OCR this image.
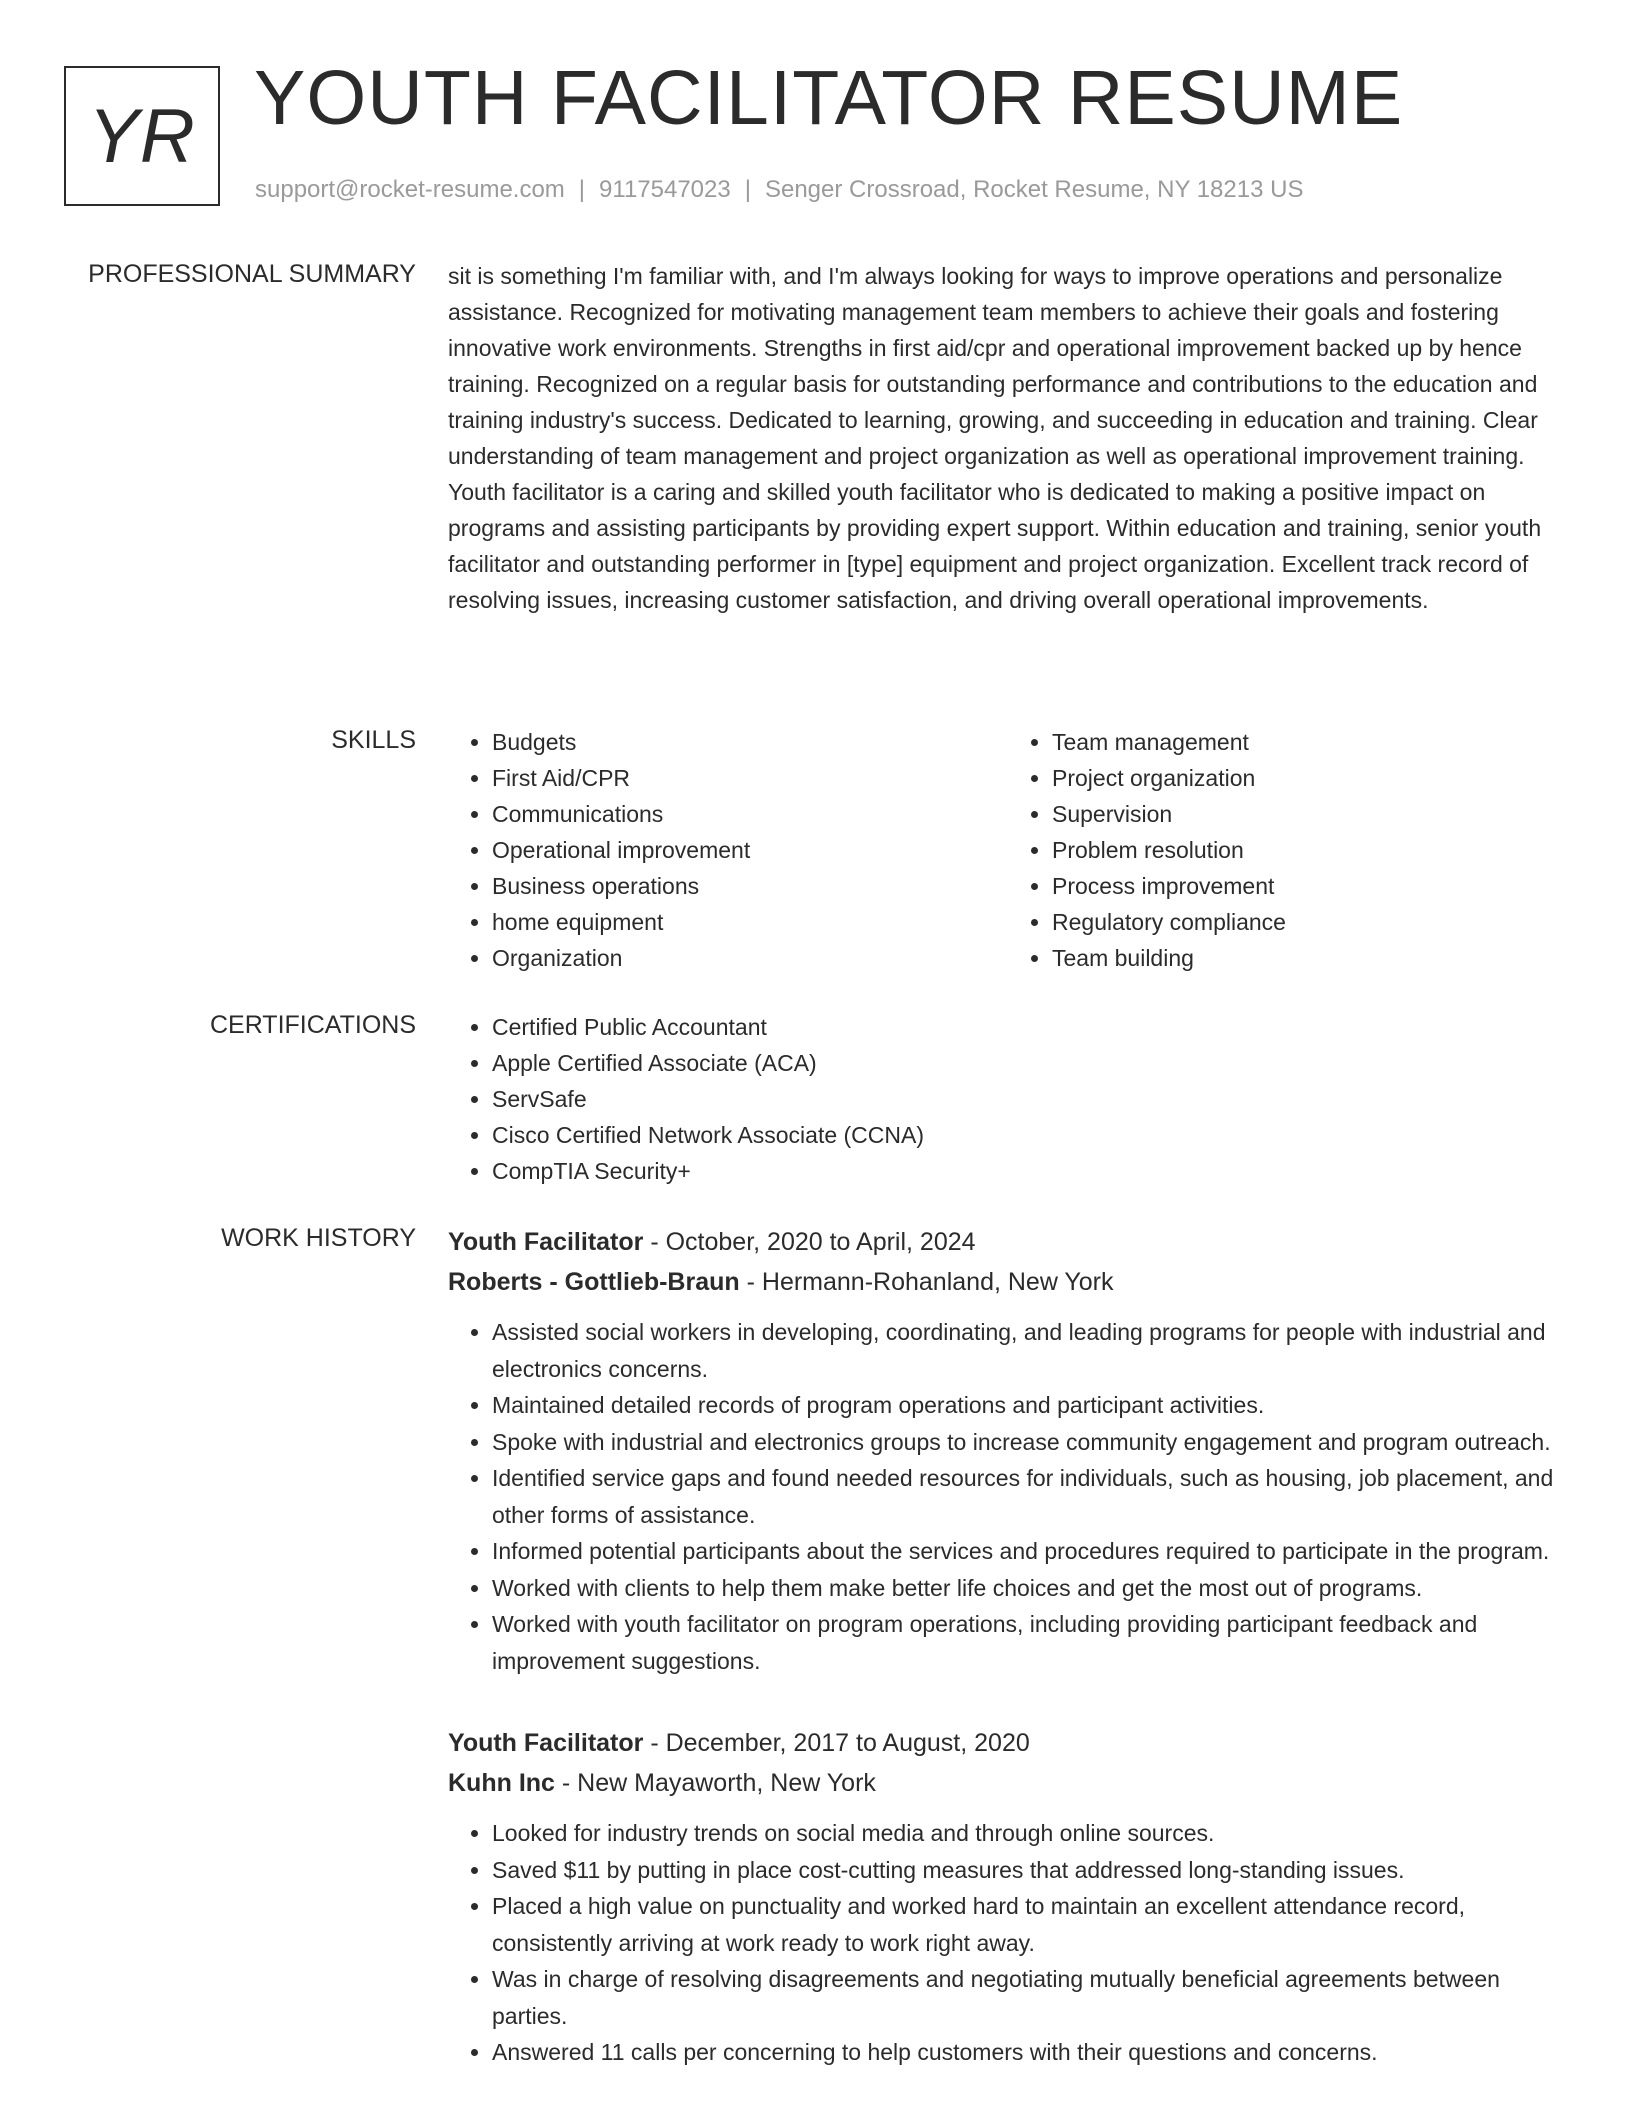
YR YOUTH FACILITATOR RESUME
support@rocket-resume.com | 9117547023 | Senger Crossroad, Rocket Resume, NY 18213 US
PROFESSIONAL SUMMARY sit is something I'm familiar with, and I'm always looking for ways to improve operations and personalize assistance. Recognized for motivating management team members to achieve their goals and fostering innovative work environments. Strengths in first aid/cpr and operational improvement backed up by hence training. Recognized on a regular basis for outstanding performance and contributions to the education and training industry's success. Dedicated to learning, growing, and succeeding in education and training. Clear understanding of team management and project organization as well as operational improvement training. Youth facilitator is a caring and skilled youth facilitator who is dedicated to making a positive impact on programs and assisting participants by providing expert support. Within education and training, senior youth facilitator and outstanding performer in [type] equipment and project organization. Excellent track record of resolving issues, increasing customer satisfaction, and driving overall operational improvements.
SKILLS	• Budgets
• First Aid/CPR
• Communications
• Operational improvement
• Business operations
• home equipment
• Organization
• Team management
• Project organization
• Supervision
• Problem resolution
• Process improvement
• Regulatory compliance
• Team building
CERTIFICATIONS	• Certified Public Accountant
• Apple Certified Associate (ACA)
• ServSafe
• Cisco Certified Network Associate (CCNA)
• CompTIA Security+
WORK HISTORY Youth Facilitator - October, 2020 to April, 2024
Roberts - Gottlieb-Braun - Hermann-Rohanland, New York
• Assisted social workers in developing, coordinating, and leading programs for people with industrial and electronics concerns.
• Maintained detailed records of program operations and participant activities.
• Spoke with industrial and electronics groups to increase community engagement and program outreach.
• Identified service gaps and found needed resources for individuals, such as housing, job placement, and other forms of assistance.
• Informed potential participants about the services and procedures required to participate in the program.
• Worked with clients to help them make better life choices and get the most out of programs.
• Worked with youth facilitator on program operations, including providing participant feedback and improvement suggestions.
Youth Facilitator - December, 2017 to August, 2020
Kuhn Inc - New Mayaworth, New York
• Looked for industry trends on social media and through online sources.
• Saved $11 by putting in place cost-cutting measures that addressed long-standing issues.
• Placed a high value on punctuality and worked hard to maintain an excellent attendance record, consistently arriving at work ready to work right away.
• Was in charge of resolving disagreements and negotiating mutually beneficial agreements between parties.
• Answered 11 calls per concerning to help customers with their questions and concerns.
